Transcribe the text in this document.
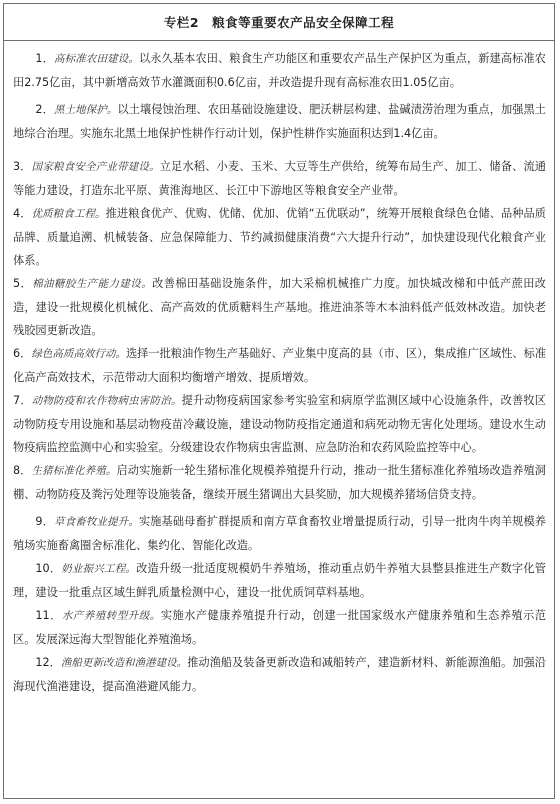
专栏2　粮食等重要农产品安全保障工程

1．高标准农田建设。以永久基本农田、粮食生产功能区和重要农产品生产保护区为重点，新建高标准农田2.75亿亩，其中新增高效节水灌溉面积0.6亿亩，并改造提升现有高标准农田1.05亿亩。

2．黑土地保护。以土壤侵蚀治理、农田基础设施建设、肥沃耕层构建、盐碱渍涝治理为重点，加强黑土地综合治理。实施东北黑土地保护性耕作行动计划，保护性耕作实施面积达到1.4亿亩。

3．国家粮食安全产业带建设。立足水稻、小麦、玉米、大豆等生产供给，统筹布局生产、加工、储备、流通等能力建设，打造东北平原、黄淮海地区、长江中下游地区等粮食安全产业带。

4．优质粮食工程。推进粮食优产、优购、优储、优加、优销“五优联动”，统筹开展粮食绿色仓储、品种品质品牌、质量追溯、机械装备、应急保障能力、节约减损健康消费“六大提升行动”，加快建设现代化粮食产业体系。

5．棉油糖胶生产能力建设。改善棉田基础设施条件，加大采棉机械推广力度。加快城改梯和中低产蔗田改造，建设一批规模化机械化、高产高效的优质糖料生产基地。推进油茶等木本油料低产低效林改造。加快老残胶园更新改造。

6．绿色高质高效行动。选择一批粮油作物生产基础好、产业集中度高的县（市、区），集成推广区域性、标准化高产高效技术，示范带动大面积均衡增产增效、提质增效。

7．动物防疫和农作物病虫害防治。提升动物疫病国家参考实验室和病原学监测区域中心设施条件，改善牧区动物防疫专用设施和基层动物疫苗冷藏设施，建设动物防疫指定通道和病死动物无害化处理场。建设水生动物疫病监控监测中心和实验室。分级建设农作物病虫害监测、应急防治和农药风险监控等中心。

8．生猪标准化养殖。启动实施新一轮生猪标准化规模养殖提升行动，推动一批生猪标准化养殖场改造养殖洞棚、动物防疫及粪污处理等设施装备，继续开展生猪调出大县奖励，加大规模养猪场信贷支持。

9．草食畜牧业提升。实施基础母畜扩群提质和南方草食畜牧业增量提质行动，引导一批肉牛肉羊规模养殖场实施畜禽圈舍标准化、集约化、智能化改造。

10．奶业振兴工程。改造升级一批适度规模奶牛养殖场，推动重点奶牛养殖大县整县推进生产数字化管理，建设一批重点区域生鲜乳质量检测中心，建设一批优质饲草料基地。

11．水产养殖转型升级。实施水产健康养殖提升行动，创建一批国家级水产健康养殖和生态养殖示范区。发展深远海大型智能化养殖渔场。

12．渔船更新改造和渔港建设。推动渔船及装备更新改造和减船转产，建造新材料、新能源渔船。加强沿海现代渔港建设，提高渔港避风能力。
